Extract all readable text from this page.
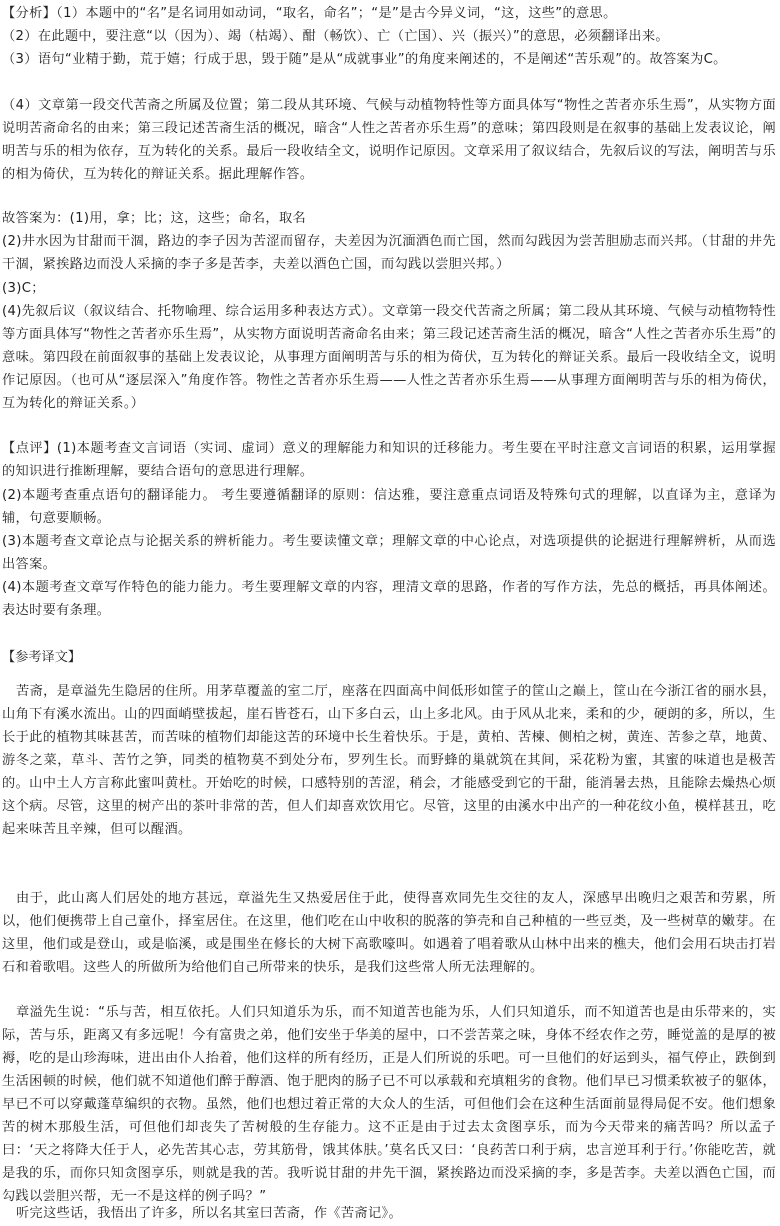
【分析】（1）本题中的“名”是名词用如动词，“取名，命名”；“是”是古今异义词，“这，这些”的意思。

（2）在此题中，要注意“以（因为）、竭（枯竭）、酣（畅饮）、亡（亡国）、兴（振兴）”的意思，必须翻译出来。

（3）语句“业精于勤，荒于嬉；行成于思，毁于随”是从“成就事业”的角度来阐述的，不是阐述“苦乐观”的。故答案为C。

（4）文章第一段交代苦斋之所属及位置；第二段从其环境、气候与动植物特性等方面具体写“物性之苦者亦乐生焉”，从实物方面说明苦斋命名的由来；第三段记述苦斋生活的概况，暗含“人性之苦者亦乐生焉”的意味；第四段则是在叙事的基础上发表议论，阐明苦与乐的相为依存，互为转化的关系。最后一段收结全文，说明作记原因。文章采用了叙议结合，先叙后议的写法，阐明苦与乐的相为倚伏，互为转化的辩证关系。据此理解作答。

故答案为：(1)用，拿；比；这，这些；命名，取名

(2)井水因为甘甜而干涸，路边的李子因为苦涩而留存，夫差因为沉湎酒色而亡国，然而勾践因为尝苦胆励志而兴邦。（甘甜的井先干涸，紧挨路边而没人采摘的李子多是苦李，夫差以酒色亡国，而勾践以尝胆兴邦。）

(3)C；

(4)先叙后议（叙议结合、托物喻理、综合运用多种表达方式）。文章第一段交代苦斋之所属；第二段从其环境、气候与动植物特性等方面具体写“物性之苦者亦乐生焉”，从实物方面说明苦斋命名由来；第三段记述苦斋生活的概况，暗含“人性之苦者亦乐生焉”的意味。第四段在前面叙事的基础上发表议论，从事理方面阐明苦与乐的相为倚伏，互为转化的辩证关系。最后一段收结全文，说明作记原因。（也可从“逐层深入”角度作答。物性之苦者亦乐生焉——人性之苦者亦乐生焉——从事理方面阐明苦与乐的相为倚伏，互为转化的辩证关系。）

【点评】(1)本题考查文言词语（实词、虚词）意义的理解能力和知识的迁移能力。考生要在平时注意文言词语的积累，运用掌握的知识进行推断理解，要结合语句的意思进行理解。

(2)本题考查重点语句的翻译能力。 考生要遵循翻译的原则：信达雅，要注意重点词语及特殊句式的理解，以直译为主，意译为辅，句意要顺畅。

(3)本题考查文章论点与论据关系的辨析能力。考生要读懂文章；理解文章的中心论点，对选项提供的论据进行理解辨析，从而选出答案。

(4)本题考查文章写作特色的能力能力。考生要理解文章的内容，理清文章的思路，作者的写作方法，先总的概括，再具体阐述。表达时要有条理。

【参考译文】

苦斋，是章溢先生隐居的住所。用茅草覆盖的室二厅，座落在四面高中间低形如筐子的筐山之巅上，筐山在今浙江省的丽水县，山角下有溪水流出。山的四面峭壁拔起，崖石皆苍石，山下多白云，山上多北风。由于风从北来，柔和的少，硬朗的多，所以，生长于此的植物其味甚苦，而苦味的植物们却能这苦的环境中长生着快乐。于是，黄柏、苦楝、侧柏之树，黄连、苦参之草，地黄、游冬之菜，草斗、苦竹之笋，同类的植物莫不到处分布，罗列生长。而野蜂的巢就筑在其间，采花粉为蜜，其蜜的味道也是极苦的。山中土人方言称此蜜叫黄杜。开始吃的时候，口感特别的苦涩，稍会，才能感受到它的干甜，能消暑去热，且能除去燥热心烦这个病。尽管，这里的树产出的茶叶非常的苦，但人们却喜欢饮用它。尽管，这里的由溪水中出产的一种花纹小鱼，模样甚丑，吃起来味苦且辛辣，但可以醒酒。

由于，此山离人们居处的地方甚远，章溢先生又热爱居住于此，使得喜欢同先生交往的友人，深感早出晚归之艰苦和劳累，所以，他们便携带上自己童仆，择室居住。在这里，他们吃在山中收积的脱落的笋壳和自己种植的一些豆类，及一些树草的嫩芽。在这里，他们或是登山，或是临溪，或是围坐在修长的大树下高歌嚎叫。如遇着了唱着歌从山林中出来的樵夫，他们会用石块击打岩石和着歌唱。这些人的所做所为给他们自己所带来的快乐，是我们这些常人所无法理解的。

章溢先生说：“乐与苦，相互依托。人们只知道乐为乐，而不知道苦也能为乐，人们只知道乐，而不知道苦也是由乐带来的，实际，苦与乐，距离又有多远呢！今有富贵之弟，他们安坐于华美的屋中，口不尝苦菜之味，身体不经农作之劳，睡觉盖的是厚的被褥，吃的是山珍海味，进出由仆人抬着，他们这样的所有经历，正是人们所说的乐吧。可一旦他们的好运到头，福气停止，跌倒到生活困顿的时候，他们就不知道他们醉于醇酒、饱于肥肉的肠子已不可以承载和充填粗劣的食物。他们早已习惯柔软被子的躯体，早已不可以穿戴蓬草编织的衣物。虽然，他们也想过着正常的大众人的生活，可但他们会在这种生活面前显得局促不安。他们想象苦的树木那般生活，可但他们却丧失了苦树般的生存能力。这不正是由于过去太贪图享乐，而为今天带来的痛苦吗？所以孟子曰：‘天之将降大任于人，必先苦其心志，劳其筋骨，饿其体肤。’莫名氏又曰：‘良药苦口利于病，忠言逆耳利于行。’你能吃苦，就是我的乐，而你只知贪图享乐，则就是我的苦。我听说甘甜的井先干涸，紧挨路边而没采摘的李，多是苦李。夫差以酒色亡国，而勾践以尝胆兴帮，无一不是这样的例子吗？”

听完这些话，我悟出了许多，所以名其室曰苦斋，作《苦斋记》。
